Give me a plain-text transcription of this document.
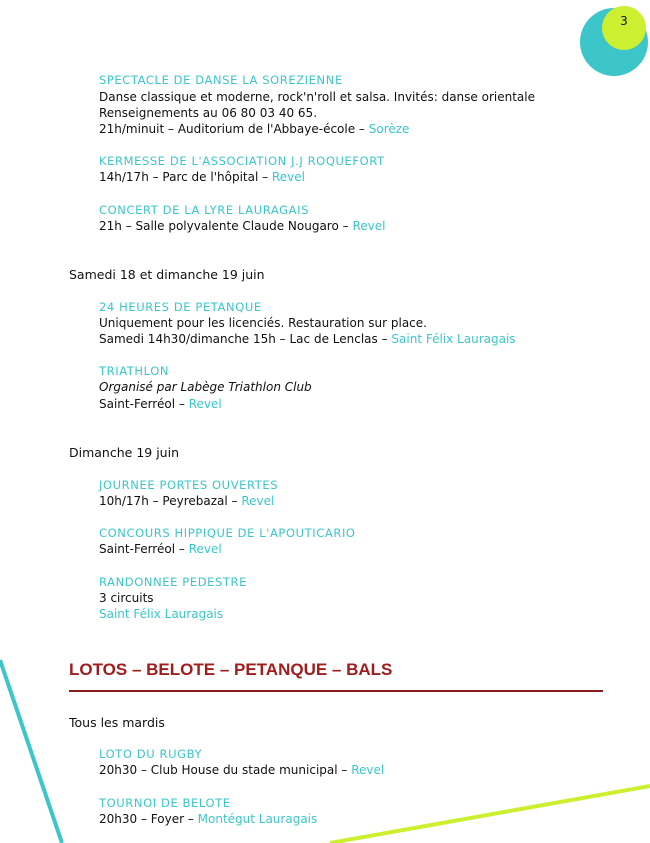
3
SPECTACLE DE DANSE LA SOREZIENNE
Danse classique et moderne, rock'n'roll et salsa. Invités: danse orientale
Renseignements au 06 80 03 40 65.
21h/minuit – Auditorium de l'Abbaye-école – Sorèze
KERMESSE DE L'ASSOCIATION J.J ROQUEFORT
14h/17h – Parc de l'hôpital – Revel
CONCERT DE LA LYRE LAURAGAIS
21h – Salle polyvalente Claude Nougaro – Revel
Samedi 18 et dimanche 19 juin
24 HEURES DE PETANQUE
Uniquement pour les licenciés. Restauration sur place.
Samedi 14h30/dimanche 15h – Lac de Lenclas – Saint Félix Lauragais
TRIATHLON
Organisé par Labège Triathlon Club
Saint-Ferréol – Revel
Dimanche 19 juin
JOURNEE PORTES OUVERTES
10h/17h – Peyrebazal – Revel
CONCOURS HIPPIQUE DE L'APOUTICARIO
Saint-Ferréol – Revel
RANDONNEE PEDESTRE
3 circuits
Saint Félix Lauragais
LOTOS – BELOTE – PETANQUE – BALS
Tous les mardis
LOTO DU RUGBY
20h30 – Club House du stade municipal – Revel
TOURNOI DE BELOTE
20h30 – Foyer – Montégut Lauragais
